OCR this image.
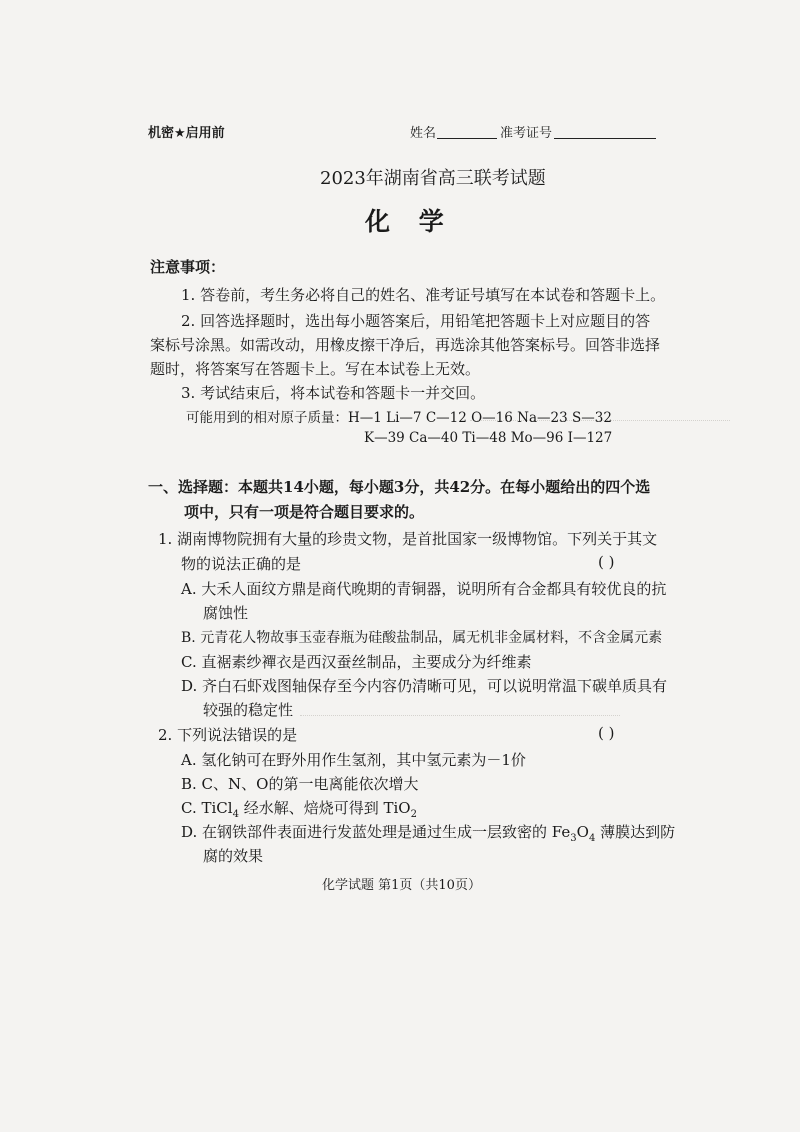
机密★启用前	姓名	准考证号
2023年湖南省高三联考试题
化 学
注意事项：
1. 答卷前，考生务必将自己的姓名、准考证号填写在本试卷和答题卡上。
2. 回答选择题时，选出每小题答案后，用铅笔把答题卡上对应题目的答
案标号涂黑。如需改动，用橡皮擦干净后，再选涂其他答案标号。回答非选择
题时，将答案写在答题卡上。写在本试卷上无效。
3. 考试结束后，将本试卷和答题卡一并交回。
可能用到的相对原子质量：H—1 Li—7 C—12 O—16 Na—23 S—32
K—39 Ca—40 Ti—48 Mo—96 I—127
一、选择题：本题共14小题，每小题3分，共42分。在每小题给出的四个选
项中，只有一项是符合题目要求的。
1. 湖南博物院拥有大量的珍贵文物，是首批国家一级博物馆。下列关于其文
物的说法正确的是	( )
A. 大禾人面纹方鼎是商代晚期的青铜器，说明所有合金都具有较优良的抗
腐蚀性
B. 元青花人物故事玉壶春瓶为硅酸盐制品，属无机非金属材料，不含金属元素
C. 直裾素纱襌衣是西汉蚕丝制品，主要成分为纤维素
D. 齐白石虾戏图轴保存至今内容仍清晰可见，可以说明常温下碳单质具有
较强的稳定性
2. 下列说法错误的是	( )
A. 氢化钠可在野外用作生氢剂，其中氢元素为－1价
B. C、N、O的第一电离能依次增大
C. TiCl$_4$ 经水解、焙烧可得到 TiO$_2$
D. 在钢铁部件表面进行发蓝处理是通过生成一层致密的 $Fe_3O_4$ 薄膜达到防
腐的效果
化学试题 第1页（共10页）
